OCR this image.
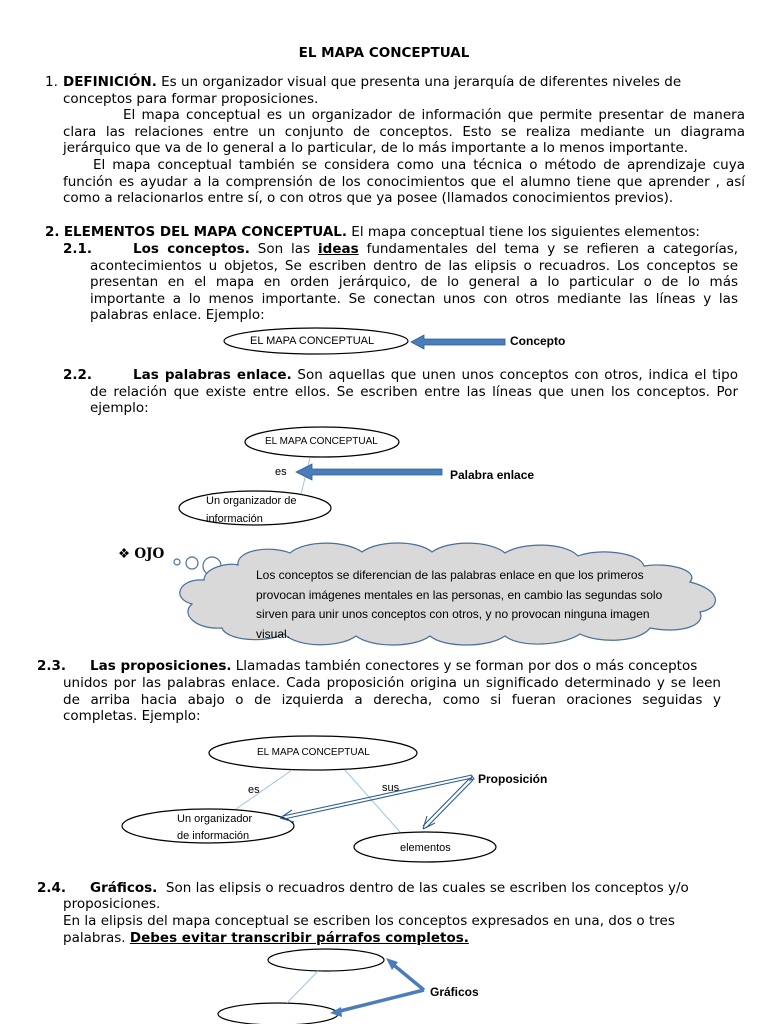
EL MAPA CONCEPTUAL
1. DEFINICIÓN. Es un organizador visual que presenta una jerarquía de diferentes niveles de
conceptos para formar proposiciones.
El mapa conceptual es un organizador de información que permite presentar de manera
clara las relaciones entre un conjunto de conceptos. Esto se realiza mediante un diagrama
jerárquico que va de lo general a lo particular, de lo más importante a lo menos importante.
El mapa conceptual también se considera como una técnica o método de aprendizaje cuya
función es ayudar a la comprensión de los conocimientos que el alumno tiene que aprender , así
como a relacionarlos entre sí, o con otros que ya posee (llamados conocimientos previos).
2. ELEMENTOS DEL MAPA CONCEPTUAL. El mapa conceptual tiene los siguientes elementos:
2.1.	Los conceptos. Son las ideas fundamentales del tema y se refieren a categorías,
acontecimientos u objetos, Se escriben dentro de las elipsis o recuadros. Los conceptos se
presentan en el mapa en orden jerárquico, de lo general a lo particular o de lo más
importante a lo menos importante. Se conectan unos con otros mediante las líneas y las
palabras enlace. Ejemplo:
EL MAPA CONCEPTUAL	Concepto
2.2.	Las palabras enlace. Son aquellas que unen unos conceptos con otros, indica el tipo
de relación que existe entre ellos. Se escriben entre las líneas que unen los conceptos. Por
ejemplo:
EL MAPA CONCEPTUAL
es
Un organizador de
información
Palabra enlace
❖ OJO
Los conceptos se diferencian de las palabras enlace en que los primeros
provocan imágenes mentales en las personas, en cambio las segundas solo
sirven para unir unos conceptos con otros, y no provocan ninguna imagen
visual.
2.3. Las proposiciones. Llamadas también conectores y se forman por dos o más conceptos
unidos por las palabras enlace. Cada proposición origina un significado determinado y se leen
de arriba hacia abajo o de izquierda a derecha, como si fueran oraciones seguidas y
completas. Ejemplo:
EL MAPA CONCEPTUAL
es	sus
Un organizador
de información
elementos
Proposición
2.4. Gráficos. Son las elipsis o recuadros dentro de las cuales se escriben los conceptos y/o
proposiciones.
En la elipsis del mapa conceptual se escriben los conceptos expresados en una, dos o tres
palabras. Debes evitar transcribir párrafos completos.
Gráficos
